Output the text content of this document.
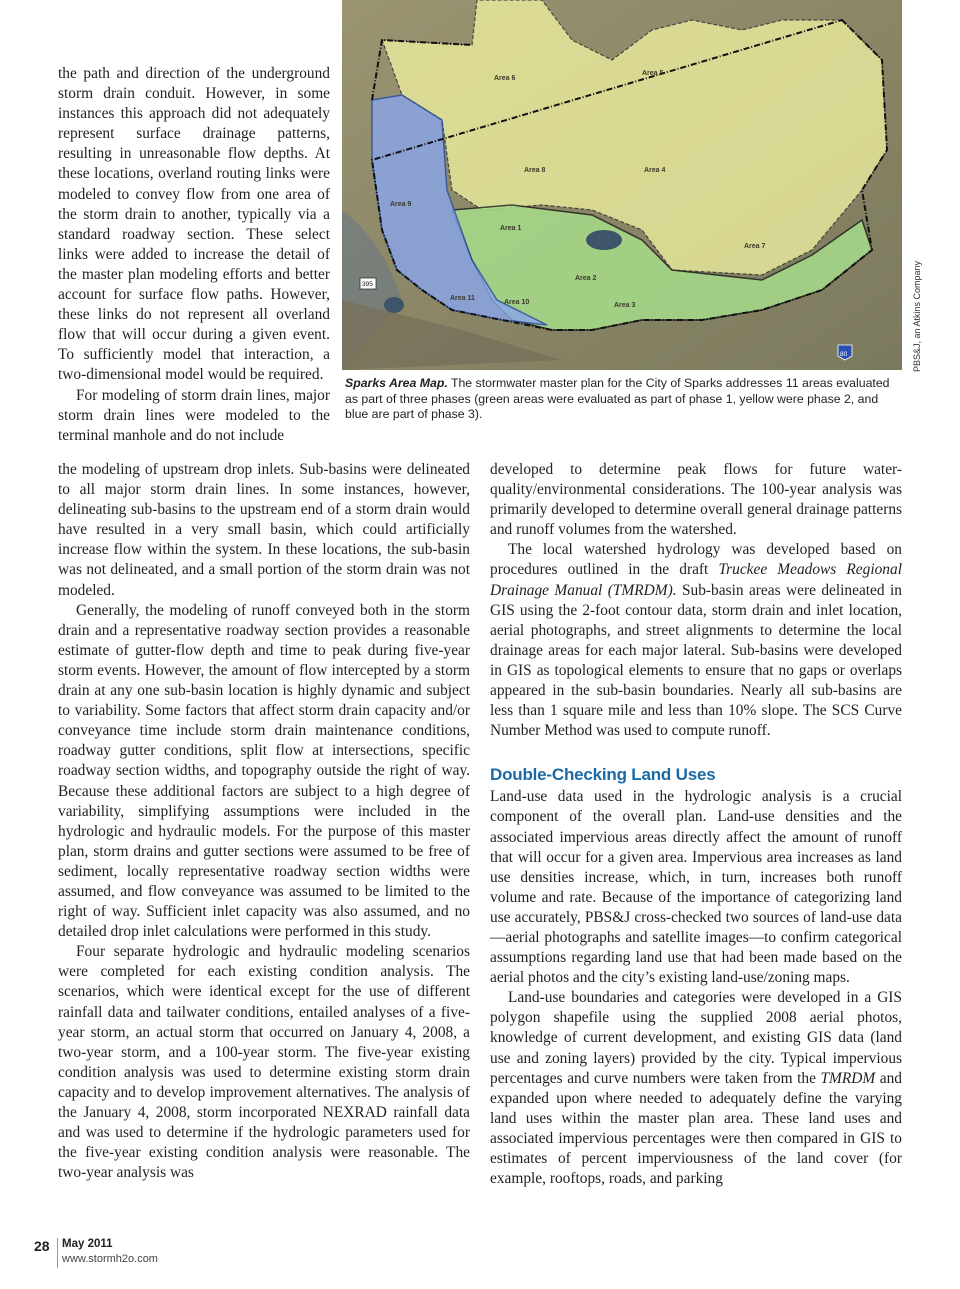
the path and direction of the underground storm drain conduit. However, in some instances this approach did not adequately represent surface drainage patterns, resulting in unreasonable flow depths. At these locations, overland routing links were modeled to convey flow from one area of the storm drain to another, typically via a standard roadway section. These select links were added to increase the detail of the master plan modeling efforts and better account for surface flow paths. However, these links do not represent all overland flow that will occur during a given event. To sufficiently model that interaction, a two-dimensional model would be required.

For modeling of storm drain lines, major storm drain lines were modeled to the terminal manhole and do not include

Area 6
Area 5
Area 8	Area 4
Area 9
Area 1
Area 7
Area 2
Area 11
Area 10	Area 3
395
80	PBS&J, an Atkins Company

Sparks Area Map. The stormwater master plan for the City of Sparks addresses 11 areas evaluated as part of three phases (green areas were evaluated as part of phase 1, yellow were phase 2, and blue are part of phase 3).

the modeling of upstream drop inlets. Sub-basins were delineated to all major storm drain lines. In some instances, however, delineating sub-basins to the upstream end of a storm drain would have resulted in a very small basin, which could artificially increase flow within the system. In these locations, the sub-basin was not delineated, and a small portion of the storm drain was not modeled.

Generally, the modeling of runoff conveyed both in the storm drain and a representative roadway section provides a reasonable estimate of gutter-flow depth and time to peak during five-year storm events. However, the amount of flow intercepted by a storm drain at any one sub-basin location is highly dynamic and subject to variability. Some factors that affect storm drain capacity and/or conveyance time include storm drain maintenance conditions, roadway gutter conditions, split flow at intersections, specific roadway section widths, and topography outside the right of way. Because these additional factors are subject to a high degree of variability, simplifying assumptions were included in the hydrologic and hydraulic models. For the purpose of this master plan, storm drains and gutter sections were assumed to be free of sediment, locally representative roadway section widths were assumed, and flow conveyance was assumed to be limited to the right of way. Sufficient inlet capacity was also assumed, and no detailed drop inlet calculations were performed in this study.

Four separate hydrologic and hydraulic modeling scenarios were completed for each existing condition analysis. The scenarios, which were identical except for the use of different rainfall data and tailwater conditions, entailed analyses of a five-year storm, an actual storm that occurred on January 4, 2008, a two-year storm, and a 100-year storm. The five-year existing condition analysis was used to determine existing storm drain capacity and to develop improvement alternatives. The analysis of the January 4, 2008, storm incorporated NEXRAD rainfall data and was used to determine if the hydrologic parameters used for the five-year existing condition analysis were reasonable. The two-year analysis was

developed to determine peak flows for future water-quality/environmental considerations. The 100-year analysis was primarily developed to determine overall general drainage patterns and runoff volumes from the watershed.

The local watershed hydrology was developed based on procedures outlined in the draft Truckee Meadows Regional Drainage Manual (TMRDM). Sub-basin areas were delineated in GIS using the 2-foot contour data, storm drain and inlet location, aerial photographs, and street alignments to determine the local drainage areas for each major lateral. Sub-basins were developed in GIS as topological elements to ensure that no gaps or overlaps appeared in the sub-basin boundaries. Nearly all sub-basins are less than 1 square mile and less than 10% slope. The SCS Curve Number Method was used to compute runoff.

Double-Checking Land Uses

Land-use data used in the hydrologic analysis is a crucial component of the overall plan. Land-use densities and the associated impervious areas directly affect the amount of runoff that will occur for a given area. Impervious area increases as land use densities increase, which, in turn, increases both runoff volume and rate. Because of the importance of categorizing land use accurately, PBS&J cross-checked two sources of land-use data—aerial photographs and satellite images—to confirm categorical assumptions regarding land use that had been made based on the aerial photos and the city’s existing land-use/zoning maps.

Land-use boundaries and categories were developed in a GIS polygon shapefile using the supplied 2008 aerial photos, knowledge of current development, and existing GIS data (land use and zoning layers) provided by the city. Typical impervious percentages and curve numbers were taken from the TMRDM and expanded upon where needed to adequately define the varying land uses within the master plan area. These land uses and associated impervious percentages were then compared in GIS to estimates of percent imperviousness of the land cover (for example, rooftops, roads, and parking

28 May 2011
www.stormh2o.com
